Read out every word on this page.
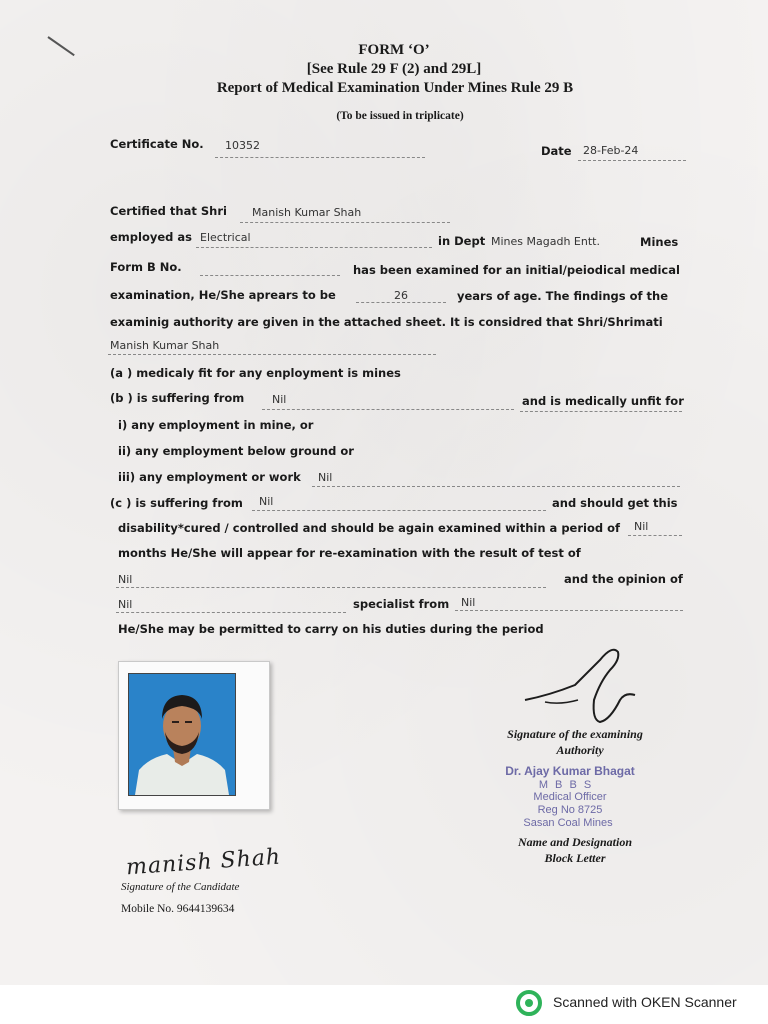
FORM ‘O’
[See Rule 29 F (2) and 29L]
Report of Medical Examination Under Mines Rule 29 B
(To be issued in triplicate)
Certificate No. 10352	Date 28-Feb-24
Certified that Shri Manish Kumar Shah
employed as Electrical	in Dept Mines Magadh Entt.	Mines
Form B No.	has been examined for an initial/peiodical medical
examination, He/She aprears to be	26	years of age. The findings of the
examinig authority are given in the attached sheet. It is considred that Shri/Shrimati
Manish Kumar Shah
(a ) medicaly fit for any enployment is mines
(b ) is suffering from	Nil	and is medically unfit for
i) any employment in mine, or
ii) any employment below ground or
iii) any employment or work Nil
(c ) is suffering from Nil	and should get this
disability*cured / controlled and should be again examined within a period of Nil
months He/She will appear for re-examination with the result of test of
Nil	and the opinion of
Nil	specialist from Nil
He/She may be permitted to carry on his duties during the period
Signature of the examining
Authority
Dr. Ajay Kumar Bhagat
M B B S
Medical Officer
Reg No 8725
Sasan Coal Mines
Name and Designation
Block Letter
manish Shah
Signature of the Candidate
Mobile No. 9644139634
Scanned with OKEN Scanner
